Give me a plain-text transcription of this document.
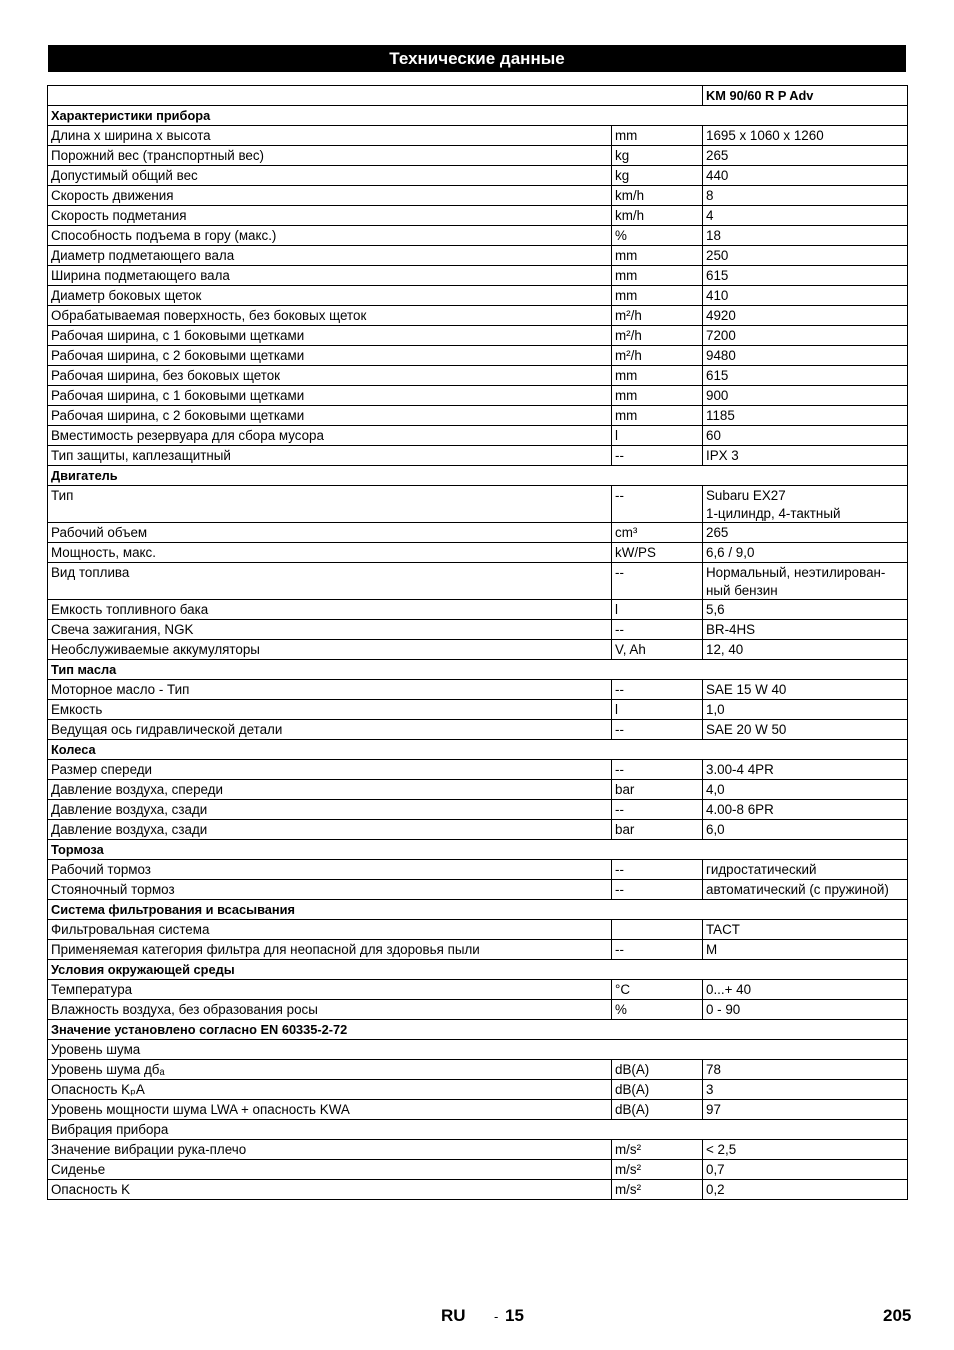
Технические данные
		KM 90/60 R P Adv
Характеристики прибора		
Длина х ширина х высота	mm	1695 x 1060 x 1260
Порожний вес (транспортный вес)	kg	265
Допустимый общий вес	kg	440
Скорость движения	km/h	8
Скорость подметания	km/h	4
Способность подъема в гору (макс.)	%	18
Диаметр подметающего вала	mm	250
Ширина подметающего вала	mm	615
Диаметр боковых щеток	mm	410
Обрабатываемая поверхность, без боковых щеток	m²/h	4920
Рабочая ширина, с 1 боковыми щетками	m²/h	7200
Рабочая ширина, с 2 боковыми щетками	m²/h	9480
Рабочая ширина, без боковых щеток	mm	615
Рабочая ширина, с 1 боковыми щетками	mm	900
Рабочая ширина, с 2 боковыми щетками	mm	1185
Вместимость резервуара для сбора мусора	l	60
Тип защиты, каплезащитный	--	IPX 3
Двигатель		
Тип	--	Subaru EX27
1-цилиндр, 4-тактный
Рабочий объем	cm³	265
Мощность, макс.	kW/PS	6,6 / 9,0
Вид топлива	--	Нормальный, неэтилирован-
ный бензин
Емкость топливного бака	l	5,6
Свеча зажигания, NGK	--	BR-4HS
Необслуживаемые аккумуляторы	V, Ah	12, 40
Тип масла		
Моторное масло - Тип	--	SAE 15 W 40
Емкость	l	1,0
Ведущая ось гидравлической детали	--	SAE 20 W 50
Колеса		
Размер спереди	--	3.00-4 4PR
Давление воздуха, спереди	bar	4,0
Давление воздуха, сзади	--	4.00-8 6PR
Давление воздуха, сзади	bar	6,0
Тормоза		
Рабочий тормоз	--	гидростатический
Стояночный тормоз	--	автоматический (с пружиной)
Система фильтрования и всасывания		
Фильтровальная система		TACT
Применяемая категория фильтра для неопасной для здоровья пыли	--	M
Условия окружающей среды		
Температура	°C	0...+ 40
Влажность воздуха, без образования росы	%	0 - 90
Значение установлено согласно EN 60335-2-72		
Уровень шума		
Уровень шума дбₐ	dB(A)	78
Опасность KₚA	dB(A)	3
Уровень мощности шума LWA + опасность KWA	dB(A)	97
Вибрация прибора		
Значение вибрации рука-плечо	m/s²	< 2,5
Сиденье	m/s²	0,7
Опасность K	m/s²	0,2
RU - 15	205
